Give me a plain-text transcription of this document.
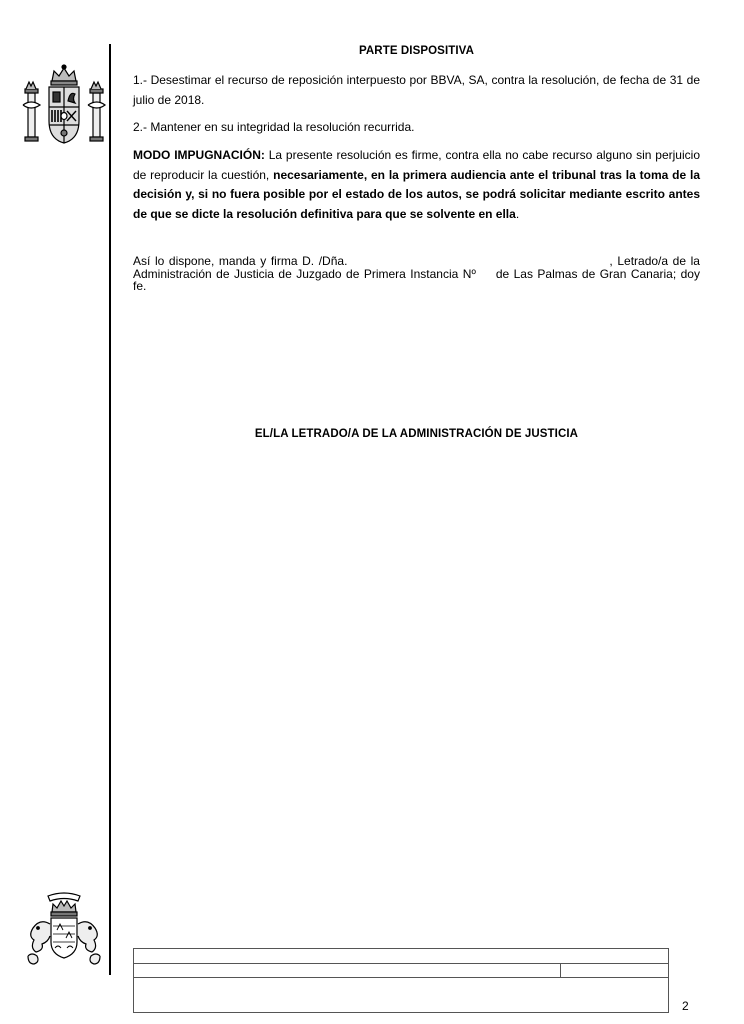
PARTE DISPOSITIVA

1.- Desestimar el recurso de reposición interpuesto por BBVA, SA, contra la resolución, de fecha de 31 de julio de 2018.

2.- Mantener en su integridad la resolución recurrida.

MODO IMPUGNACIÓN: La presente resolución es firme, contra ella no cabe recurso alguno sin perjuicio de reproducir la cuestión, necesariamente, en la primera audiencia ante el tribunal tras la toma de la decisión y, si no fuera posible por el estado de los autos, se podrá solicitar mediante escrito antes de que se dicte la resolución definitiva para que se solvente en ella.

Así lo dispone, manda y firma D. /Dña.	, Letrado/a de la Administración de Justicia de Juzgado de Primera Instancia Nº de Las Palmas de Gran Canaria; doy fe.

EL/LA LETRADO/A DE LA ADMINISTRACIÓN DE JUSTICIA
2
